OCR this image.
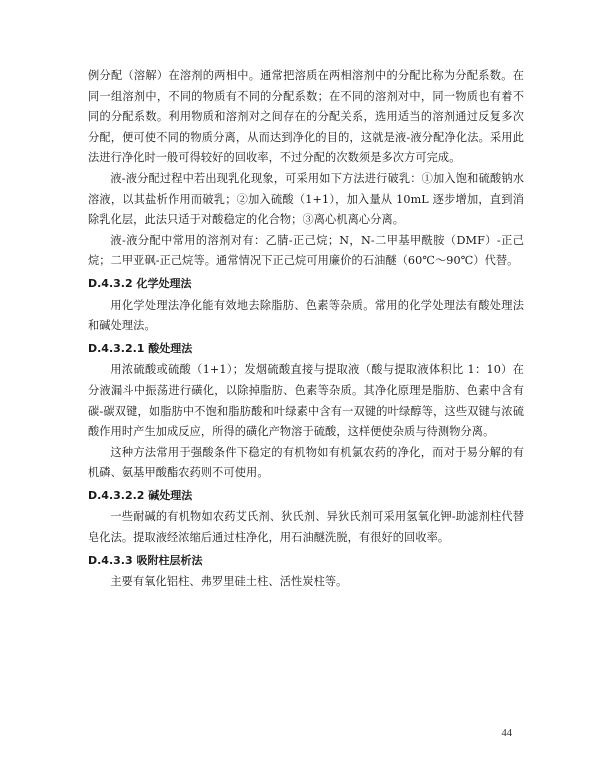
例分配（溶解）在溶剂的两相中。通常把溶质在两相溶剂中的分配比称为分配系数。在同一组溶剂中，不同的物质有不同的分配系数；在不同的溶剂对中，同一物质也有着不同的分配系数。利用物质和溶剂对之间存在的分配关系，选用适当的溶剂通过反复多次分配，便可使不同的物质分离，从而达到净化的目的，这就是液-液分配净化法。采用此法进行净化时一般可得较好的回收率，不过分配的次数须是多次方可完成。

液-液分配过程中若出现乳化现象，可采用如下方法进行破乳：①加入饱和硫酸钠水溶液，以其盐析作用而破乳；②加入硫酸（1+1），加入量从 10mL 逐步增加，直到消除乳化层，此法只适于对酸稳定的化合物；③离心机离心分离。

液-液分配中常用的溶剂对有：乙腈-正己烷；N，N-二甲基甲酰胺（DMF）-正己烷；二甲亚砜-正己烷等。通常情况下正己烷可用廉价的石油醚（60℃～90℃）代替。

D.4.3.2 化学处理法

用化学处理法净化能有效地去除脂肪、色素等杂质。常用的化学处理法有酸处理法和碱处理法。

D.4.3.2.1 酸处理法

用浓硫酸或硫酸（1+1）；发烟硫酸直接与提取液（酸与提取液体积比 1：10）在分液漏斗中振荡进行磺化，以除掉脂肪、色素等杂质。其净化原理是脂肪、色素中含有碳-碳双键，如脂肪中不饱和脂肪酸和叶绿素中含有一双键的叶绿醇等，这些双键与浓硫酸作用时产生加成反应，所得的磺化产物溶于硫酸，这样便使杂质与待测物分离。

这种方法常用于强酸条件下稳定的有机物如有机氯农药的净化，而对于易分解的有机磷、氨基甲酸酯农药则不可使用。

D.4.3.2.2 碱处理法

一些耐碱的有机物如农药艾氏剂、狄氏剂、异狄氏剂可采用氢氧化钾-助滤剂柱代替皂化法。提取液经浓缩后通过柱净化，用石油醚洗脱，有很好的回收率。

D.4.3.3 吸附柱层析法

主要有氧化铝柱、弗罗里硅土柱、活性炭柱等。

44
